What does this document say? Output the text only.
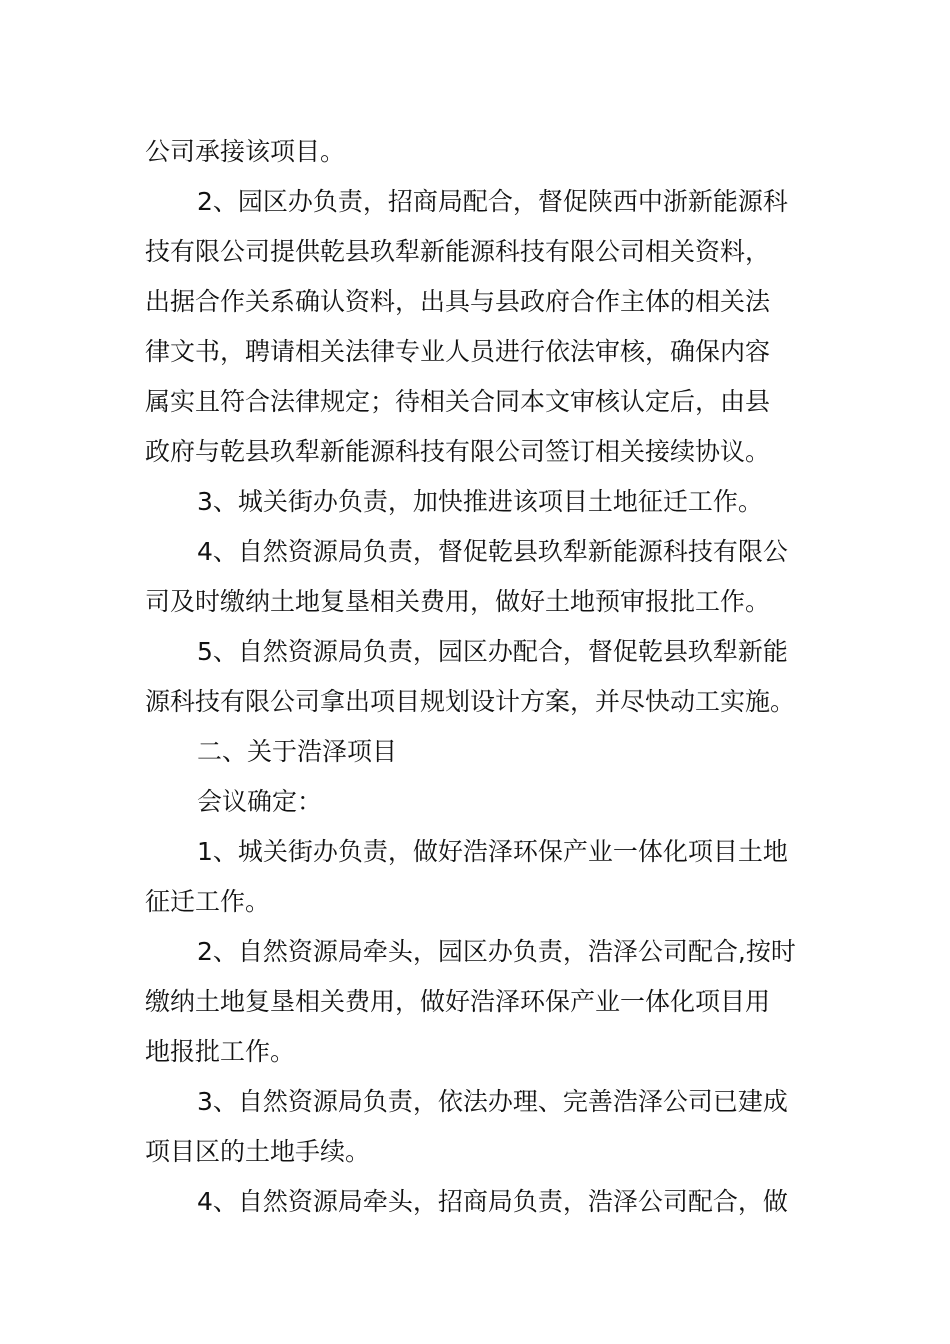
公司承接该项目。
2、园区办负责，招商局配合，督促陕西中浙新能源科
技有限公司提供乾县玖犁新能源科技有限公司相关资料，
出据合作关系确认资料，出具与县政府合作主体的相关法
律文书，聘请相关法律专业人员进行依法审核，确保内容
属实且符合法律规定；待相关合同本文审核认定后，由县
政府与乾县玖犁新能源科技有限公司签订相关接续协议。
3、城关街办负责，加快推进该项目土地征迁工作。
4、自然资源局负责，督促乾县玖犁新能源科技有限公
司及时缴纳土地复垦相关费用，做好土地预审报批工作。
5、自然资源局负责，园区办配合，督促乾县玖犁新能
源科技有限公司拿出项目规划设计方案，并尽快动工实施。
二、关于浩泽项目
会议确定：
1、城关街办负责，做好浩泽环保产业一体化项目土地
征迁工作。
2、自然资源局牵头，园区办负责，浩泽公司配合,按时
缴纳土地复垦相关费用，做好浩泽环保产业一体化项目用
地报批工作。
3、自然资源局负责，依法办理、完善浩泽公司已建成
项目区的土地手续。
4、自然资源局牵头，招商局负责，浩泽公司配合，做
